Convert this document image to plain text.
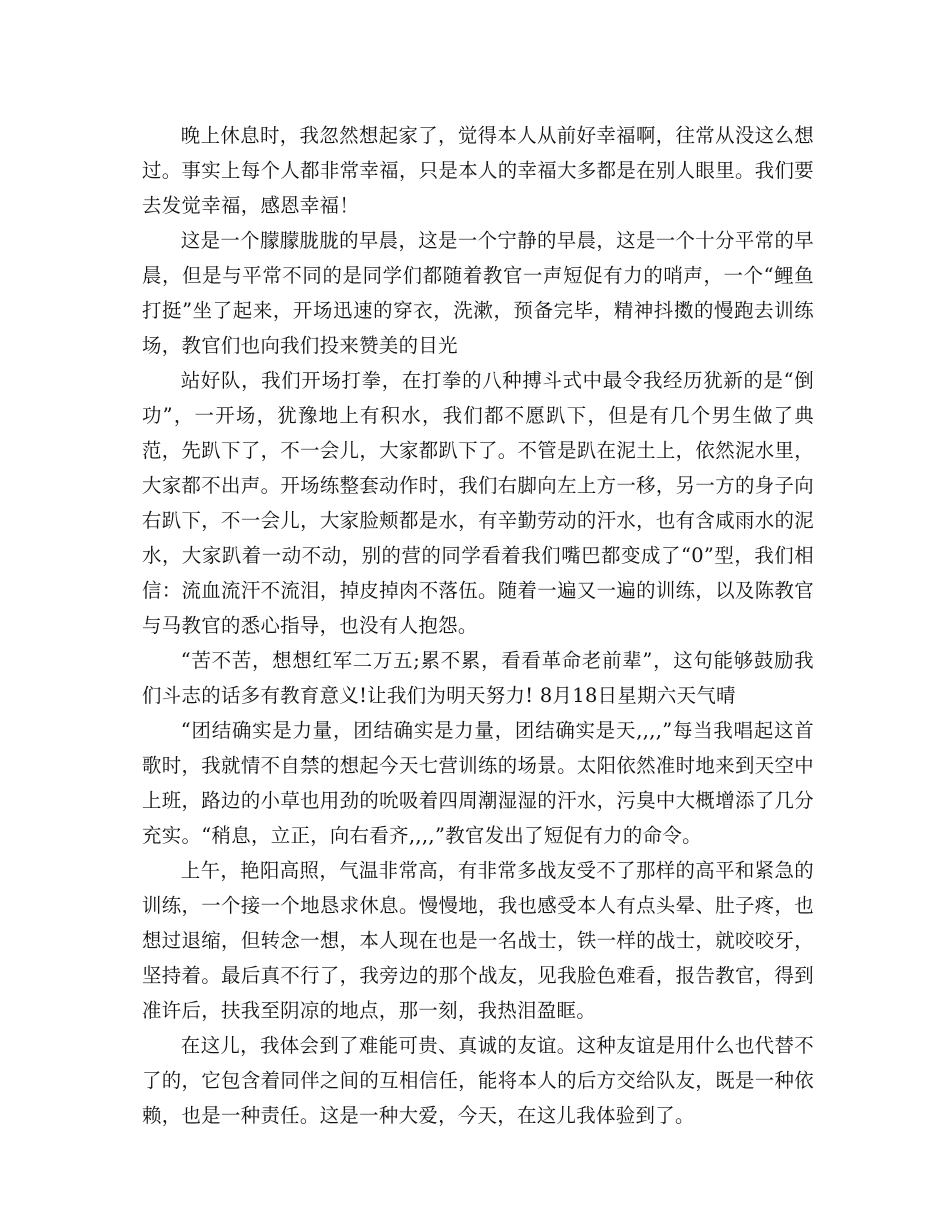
晚上休息时，我忽然想起家了，觉得本人从前好幸福啊，往常从没这么想过。事实上每个人都非常幸福，只是本人的幸福大多都是在别人眼里。我们要去发觉幸福，感恩幸福！

这是一个朦朦胧胧的早晨，这是一个宁静的早晨，这是一个十分平常的早晨，但是与平常不同的是同学们都随着教官一声短促有力的哨声，一个“鲤鱼打挺”坐了起来，开场迅速的穿衣，洗漱，预备完毕，精神抖擞的慢跑去训练场，教官们也向我们投来赞美的目光

站好队，我们开场打拳，在打拳的八种搏斗式中最令我经历犹新的是“倒功”，一开场，犹豫地上有积水，我们都不愿趴下，但是有几个男生做了典范，先趴下了，不一会儿，大家都趴下了。不管是趴在泥土上，依然泥水里，大家都不出声。开场练整套动作时，我们右脚向左上方一移，另一方的身子向右趴下，不一会儿，大家脸颊都是水，有辛勤劳动的汗水，也有含咸雨水的泥水，大家趴着一动不动，别的营的同学看着我们嘴巴都变成了“0”型，我们相信：流血流汗不流泪，掉皮掉肉不落伍。随着一遍又一遍的训练，以及陈教官与马教官的悉心指导，也没有人抱怨。

“苦不苦，想想红军二万五;累不累，看看革命老前辈”，这句能够鼓励我们斗志的话多有教育意义!让我们为明天努力! 8月18日星期六天气晴

“团结确实是力量，团结确实是力量，团结确实是天,,,,”每当我唱起这首歌时，我就情不自禁的想起今天七营训练的场景。太阳依然准时地来到天空中上班，路边的小草也用劲的吮吸着四周潮湿湿的汗水，污臭中大概增添了几分充实。“稍息，立正，向右看齐,,,,”教官发出了短促有力的命令。

上午，艳阳高照，气温非常高，有非常多战友受不了那样的高平和紧急的训练，一个接一个地恳求休息。慢慢地，我也感受本人有点头晕、肚子疼，也想过退缩，但转念一想，本人现在也是一名战士，铁一样的战士，就咬咬牙，坚持着。最后真不行了，我旁边的那个战友，见我脸色难看，报告教官，得到准许后，扶我至阴凉的地点，那一刻，我热泪盈眶。

在这儿，我体会到了难能可贵、真诚的友谊。这种友谊是用什么也代替不了的，它包含着同伴之间的互相信任，能将本人的后方交给队友，既是一种依赖，也是一种责任。这是一种大爱，今天，在这儿我体验到了。
